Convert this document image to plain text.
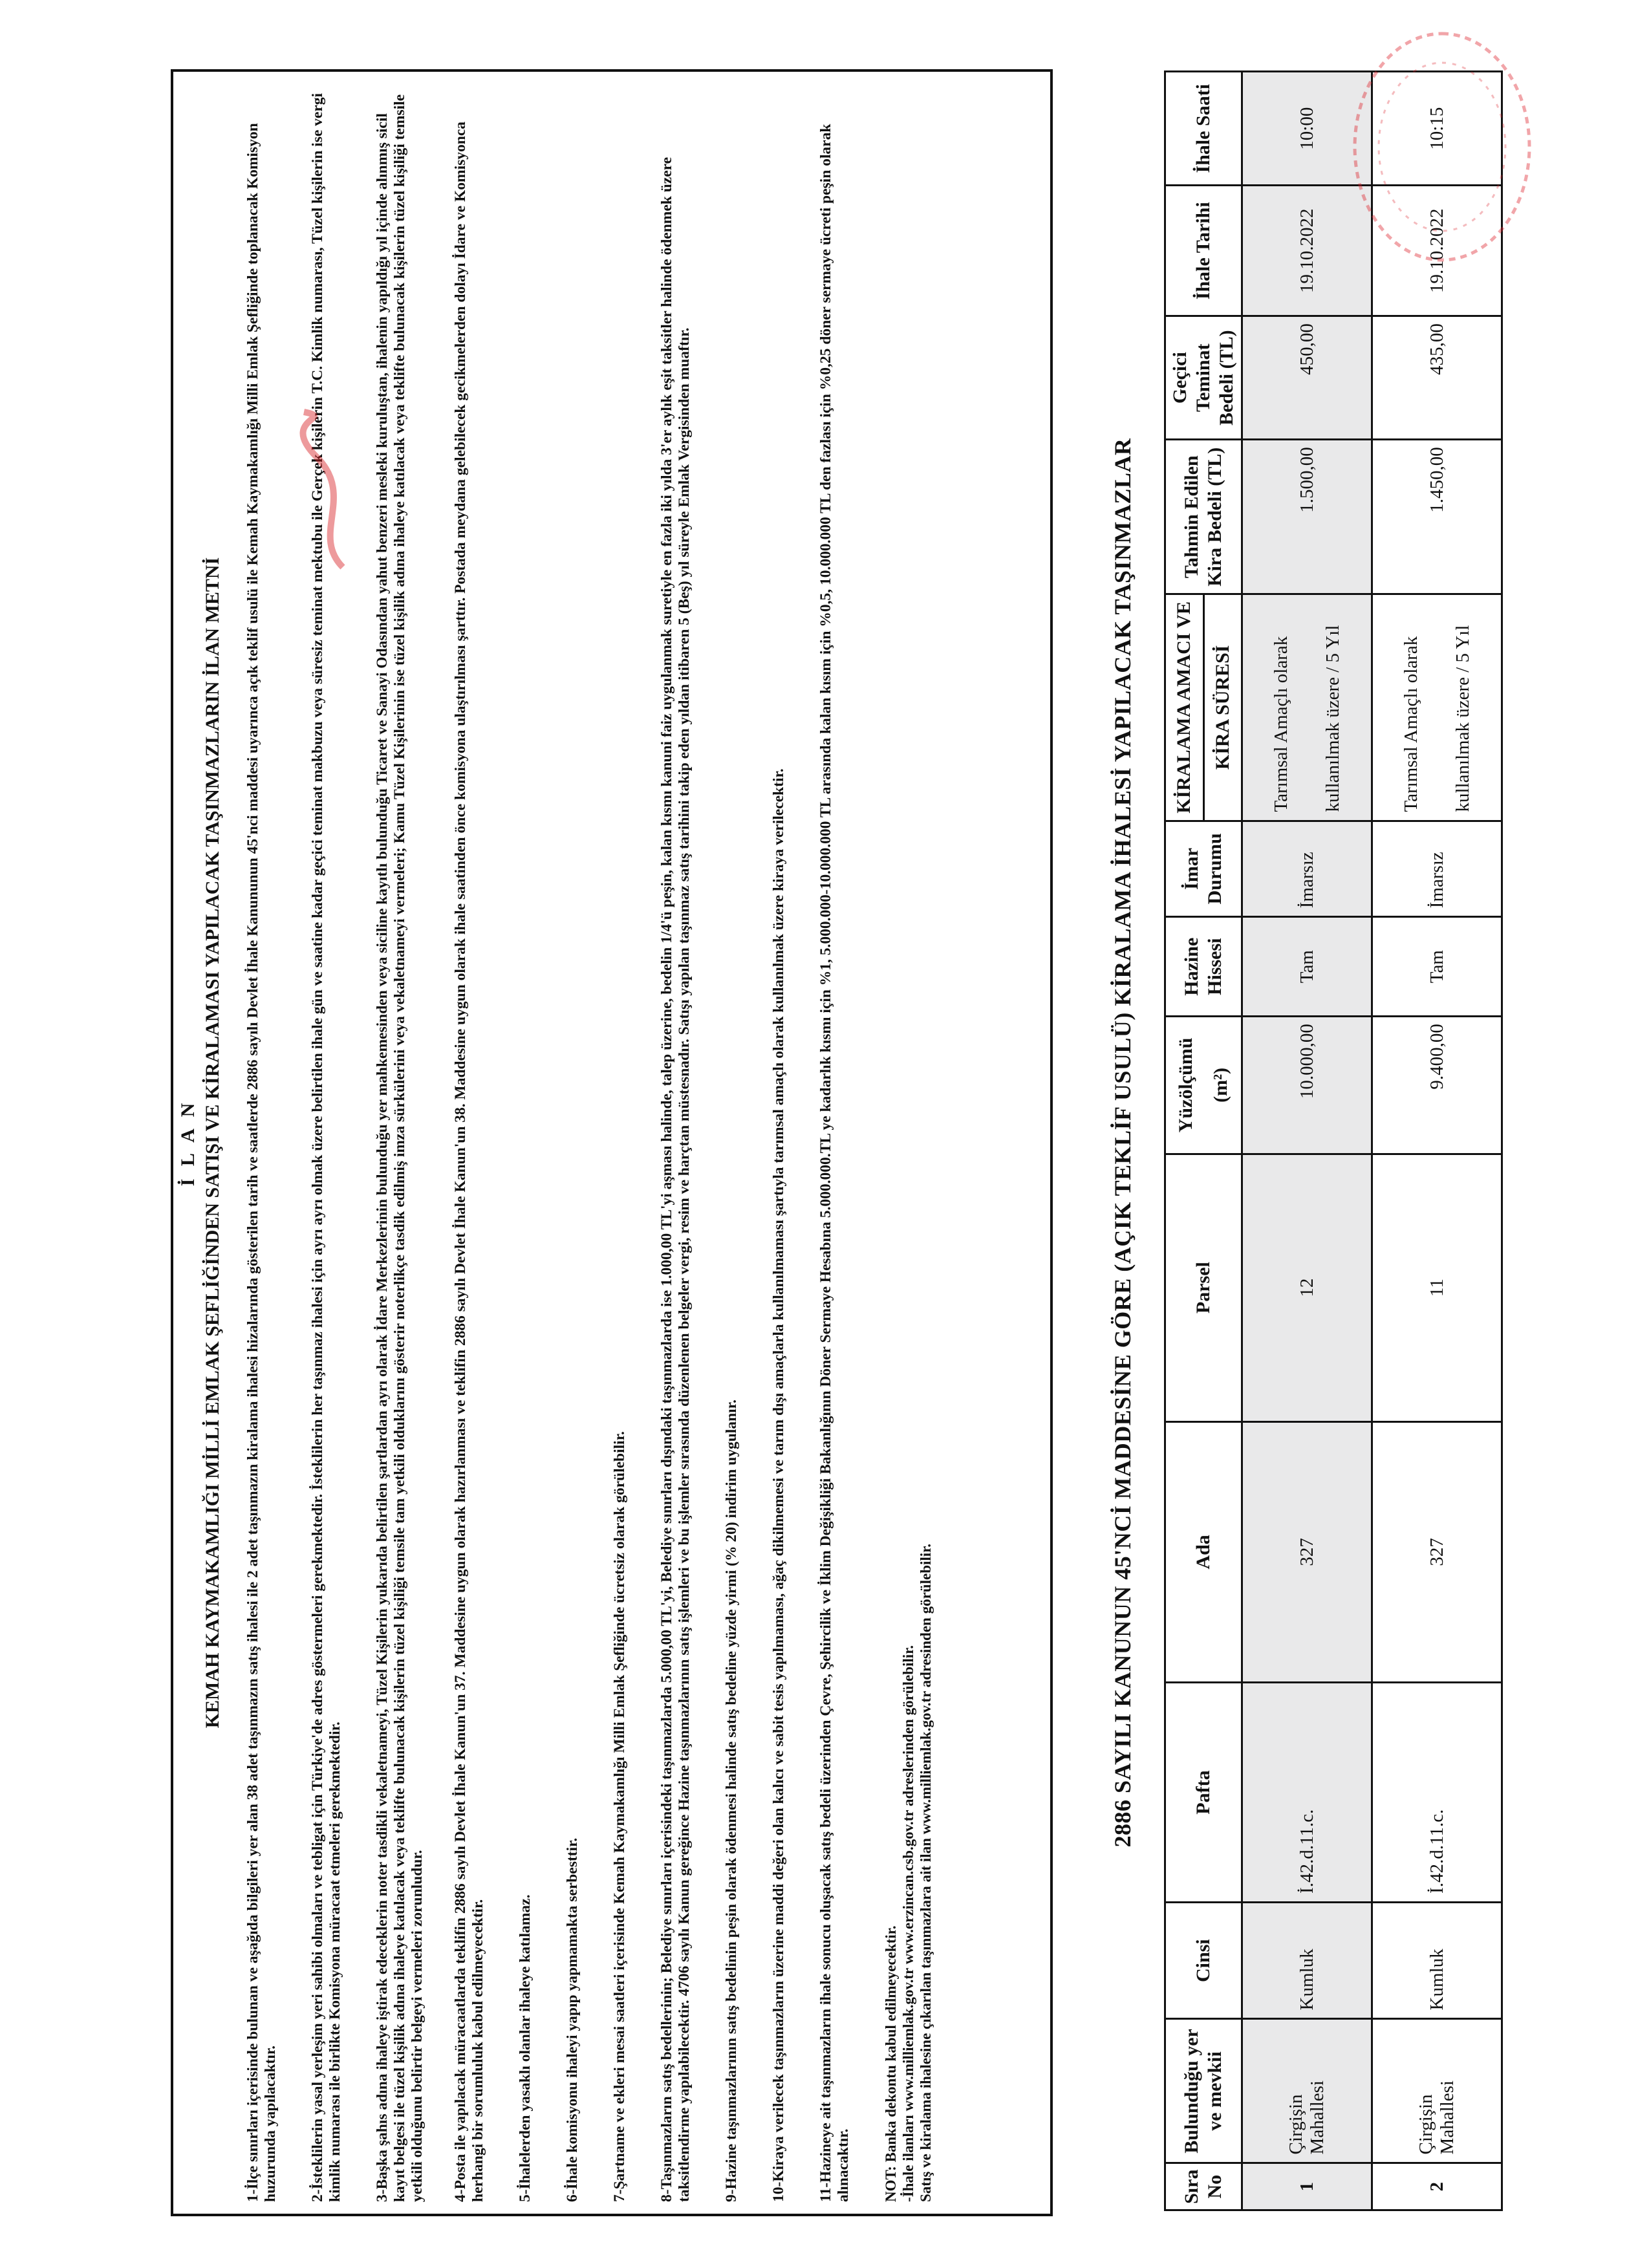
İ L A N KEMAH KAYMAKAMLIĞI MİLLİ EMLAK ŞEFLİĞİNDEN SATIŞI VE KİRALAMASI YAPILACAK TAŞINMAZLARIN İLAN METNİ 1-İlçe sınırları içerisinde bulunan ve aşağıda bilgileri yer alan 38 adet taşınmazın satış ihalesi ile 2 adet taşınmazın kiralama ihalesi hizalarında gösterilen tarih ve saatlerde 2886 sayılı Devlet İhale Kanununun 45'nci maddesi uyarınca açık teklif usulü ile Kemah Kaymakamlığı Milli Emlak Şefliğinde toplanacak Komisyon huzurunda yapılacaktır. 2-İsteklilerin yasal yerleşim yeri sahibi olmaları ve tebligat için Türkiye'de adres göstermeleri gerekmektedir. İsteklilerin her taşınmaz ihalesi için ayrı ayrı olmak üzere belirtilen ihale gün ve saatine kadar geçici teminat makbuzu veya süresiz teminat mektubu ile Gerçek kişilerin T.C. Kimlik numarası, Tüzel kişilerin ise vergi kimlik numarası ile birlikte Komisyona müracaat etmeleri gerekmektedir. 3-Başka şahıs adına ihaleye iştirak edeceklerin noter tasdikli vekaletnameyi, Tüzel Kişilerin yukarıda belirtilen şartlardan ayrı olarak İdare Merkezlerinin bulunduğu yer mahkemesinden veya siciline kayıtlı bulunduğu Ticaret ve Sanayi Odasından yahut benzeri mesleki kuruluştan, ihalenin yapıldığı yıl içinde alınmış sicil kayıt belgesi ile tüzel kişilik adına ihaleye katılacak veya teklifte bulunacak kişilerin tüzel kişiliği temsile tam yetkili olduklarını gösterir noterlikçe tasdik edilmiş imza sürkülerini veya vekaletnameyi vermeleri; Kamu Tüzel Kişilerinin ise tüzel kişilik adına ihaleye katılacak veya teklifte bulunacak kişilerin tüzel kişiliği temsile yetkili olduğunu belirtir belgeyi vermeleri zorunludur. 4-Posta ile yapılacak müracaatlarda teklifin 2886 sayılı Devlet İhale Kanun'un 37. Maddesine uygun olarak hazırlanması ve teklifin 2886 sayılı Devlet İhale Kanun'un 38. Maddesine uygun olarak ihale saatinden önce komisyona ulaştırılması şarttır. Postada meydana gelebilecek gecikmelerden dolayı İdare ve Komisyonca herhangi bir sorumluluk kabul edilmeyecektir. 5-İhalelerden yasaklı olanlar ihaleye katılamaz. 6-İhale komisyonu ihaleyi yapıp yapmamakta serbesttir. 7-Şartname ve ekleri mesai saatleri içerisinde Kemah Kaymakamlığı Milli Emlak Şefliğinde ücretsiz olarak görülebilir. 8-Taşınmazların satış bedellerinin; Belediye sınırları içerisindeki taşınmazlarda 5.000,00 TL'yi, Belediye sınırları dışındaki taşınmazlarda ise 1.000,00 TL'yi aşması halinde, talep üzerine, bedelin 1/4'ü peşin, kalan kısmı kanuni faiz uygulanmak suretiyle en fazla iki yılda 3'er aylık eşit taksitler halinde ödenmek üzere taksitlendirme yapılabilecektir. 4706 sayılı Kanun gereğince Hazine taşınmazlarının satış işlemleri ve bu işlemler sırasında düzenlenen belgeler vergi, resim ve harçtan müstesnadır. Satışı yapılan taşınmaz satış tarihini takip eden yıldan itibaren 5 (Beş) yıl süreyle Emlak Vergisinden muaftır. 9-Hazine taşınmazlarının satış bedelinin peşin olarak ödenmesi halinde satış bedeline yüzde yirmi (% 20) indirim uygulanır. 10-Kiraya verilecek taşınmazların üzerine maddi değeri olan kalıcı ve sabit tesis yapılmaması, ağaç dikilmemesi ve tarım dışı amaçlarla kullanılmaması şartıyla tarımsal amaçlı olarak kullanılmak üzere kiraya verilecektir. 11-Hazineye ait taşınmazların ihale sonucu oluşacak satış bedeli üzerinden Çevre, Şehircilik ve İklim Değişikliği Bakanlığının Döner Sermaye Hesabına 5.000.000.TL ye kadarlık kısmı için %1, 5.000.000-10.000.000 TL arasında kalan kısım için %0,5, 10.000.000 TL den fazlası için %0,25 döner sermaye ücreti peşin olarak alınacaktır. NOT: Banka dekontu kabul edilmeyecektir. -İhale ilanları www.milliemlak.gov.tr www.erzincan.csb.gov.tr adreslerinden görülebilir. Satış ve kiralama ihalesine çıkarılan taşınmazlara ait ilan www.milliemlak.gov.tr adresinden görülebilir.
2886 SAYILI KANUNUN 45'NCİ MADDESİNE GÖRE (AÇIK TEKLİF USULÜ) KİRALAMA İHALESİ YAPILACAK TAŞINMAZLAR
Sıra No	Bulunduğu yer ve mevkii	Cinsi	Pafta	Ada	Parsel	Yüzölçümü (m²)	Hazine Hissesi	İmar Durumu	KİRALAMA AMACI VE	Tahmin Edilen Kira Bedeli (TL)	Geçici Teminat Bedeli (TL)	İhale Tarihi	İhale Saati
									KİRA SÜRESİ				
1	Çirgişin Mahallesi	Kumluk	İ.42.d.11.c.	327	12	10.000,00	Tam	İmarsız	Tarımsal Amaçlı olarak kullanılmak üzere / 5 Yıl	1.500,00	450,00	19.10.2022	10:00
2	Çirgişin Mahallesi	Kumluk	İ.42.d.11.c.	327	11	9.400,00	Tam	İmarsız	Tarımsal Amaçlı olarak kullanılmak üzere / 5 Yıl	1.450,00	435,00	19.10.2022	10:15
